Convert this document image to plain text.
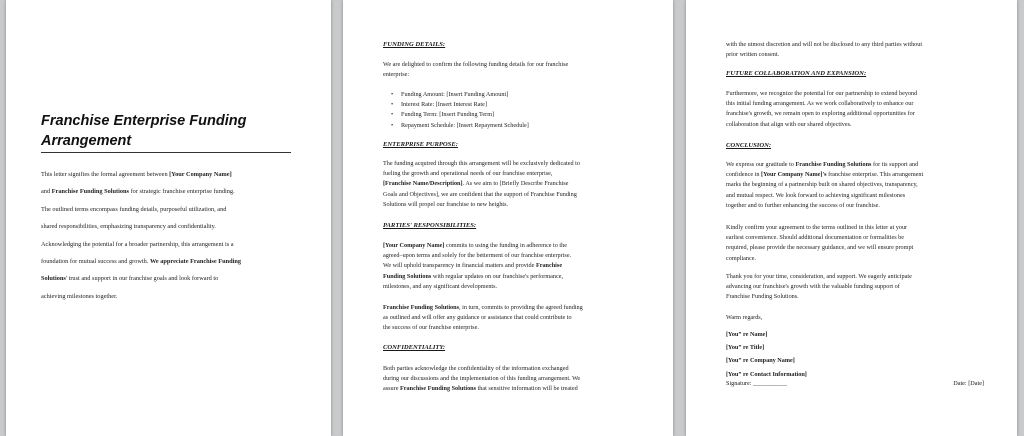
Franchise Enterprise Funding
Arrangement
This letter signifies the formal agreement between [Your Company Name]
and Franchise Funding Solutions for strategic franchise enterprise funding.
The outlined terms encompass funding details, purposeful utilization, and
shared responsibilities, emphasizing transparency and confidentiality.
Acknowledging the potential for a broader partnership, this arrangement is a
foundation for mutual success and growth. We appreciate Franchise Funding
Solutions' trust and support in our franchise goals and look forward to
achieving milestones together.
FUNDING DETAILS:
We are delighted to confirm the following funding details for our franchise
enterprise:
• Funding Amount: [Insert Funding Amount]
• Interest Rate: [Insert Interest Rate]
• Funding Term: [Insert Funding Term]
• Repayment Schedule: [Insert Repayment Schedule]
ENTERPRISE PURPOSE:
The funding acquired through this arrangement will be exclusively dedicated to
fueling the growth and operational needs of our franchise enterprise,
[Franchise Name/Description]. As we aim to [Briefly Describe Franchise
Goals and Objectives], we are confident that the support of Franchise Funding
Solutions will propel our franchise to new heights.
PARTIES' RESPONSIBILITIES:
[Your Company Name] commits to using the funding in adherence to the
agreed–upon terms and solely for the betterment of our franchise enterprise.
We will uphold transparency in financial matters and provide Franchise
Funding Solutions with regular updates on our franchise's performance,
milestones, and any significant developments.
Franchise Funding Solutions, in turn, commits to providing the agreed funding
as outlined and will offer any guidance or assistance that could contribute to
the success of our franchise enterprise.
CONFIDENTIALITY:
Both parties acknowledge the confidentiality of the information exchanged
during our discussions and the implementation of this funding arrangement. We
assure Franchise Funding Solutions that sensitive information will be treated
with the utmost discretion and will not be disclosed to any third parties without
prior written consent.
FUTURE COLLABORATION AND EXPANSION:
Furthermore, we recognize the potential for our partnership to extend beyond
this initial funding arrangement. As we work collaboratively to enhance our
franchise's growth, we remain open to exploring additional opportunities for
collaboration that align with our shared objectives.
CONCLUSION:
We express our gratitude to Franchise Funding Solutions for its support and
confidence in [Your Company Name]'s franchise enterprise. This arrangement
marks the beginning of a partnership built on shared objectives, transparency,
and mutual respect. We look forward to achieving significant milestones
together and to further enhancing the success of our franchise.
Kindly confirm your agreement to the terms outlined in this letter at your
earliest convenience. Should additional documentation or formalities be
required, please provide the necessary guidance, and we will ensure prompt
compliance.
Thank you for your time, consideration, and support. We eagerly anticipate
advancing our franchise's growth with the valuable funding support of
Franchise Funding Solutions.
Warm regards,
[Youˮ re Name]
[Youˮ re Title]
[Youˮ re Company Name]
[Youˮ re Contact Information]
Signature: ___________	Date: [Date]
